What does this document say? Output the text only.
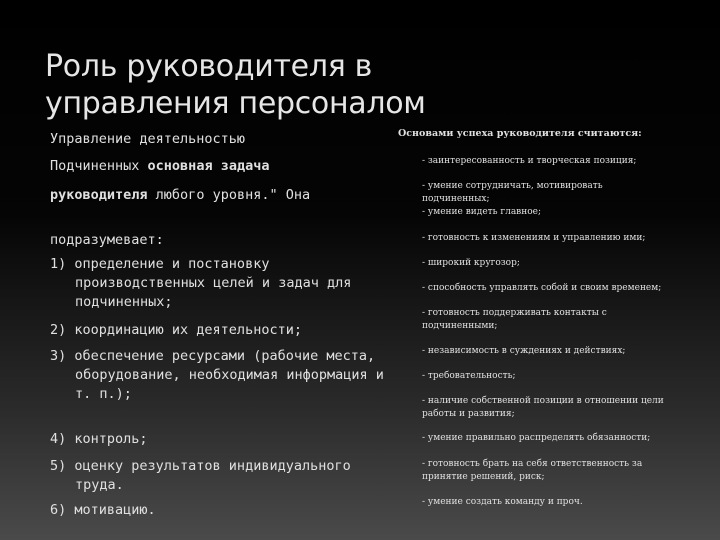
Роль руководителя в управления персоналом

Управление деятельностью

Подчиненных основная задача

руководителя любого уровня." Она

подразумевает:

1) определение и постановку производственных целей и задач для подчиненных;

2) координацию их деятельности;

3) обеспечение ресурсами (рабочие места, оборудование, необходимая информация и т. п.);

4) контроль;

5) оценку результатов индивидуального труда.

6) мотивацию.

Основами успеха руководителя считаются:
- заинтересованность и творческая позиция;
- умение сотрудничать, мотивировать подчиненных;
- умение видеть главное;
- готовность к изменениям и управлению ими;
- широкий кругозор;
- способность управлять собой и своим временем;
- готовность поддерживать контакты с подчиненными;
- независимость в суждениях и действиях;
- требовательность;
- наличие собственной позиции в отношении цели работы и развития;
- умение правильно распределять обязанности;
- готовность брать на себя ответственность за принятие решений, риск;
- умение создать команду и проч.
